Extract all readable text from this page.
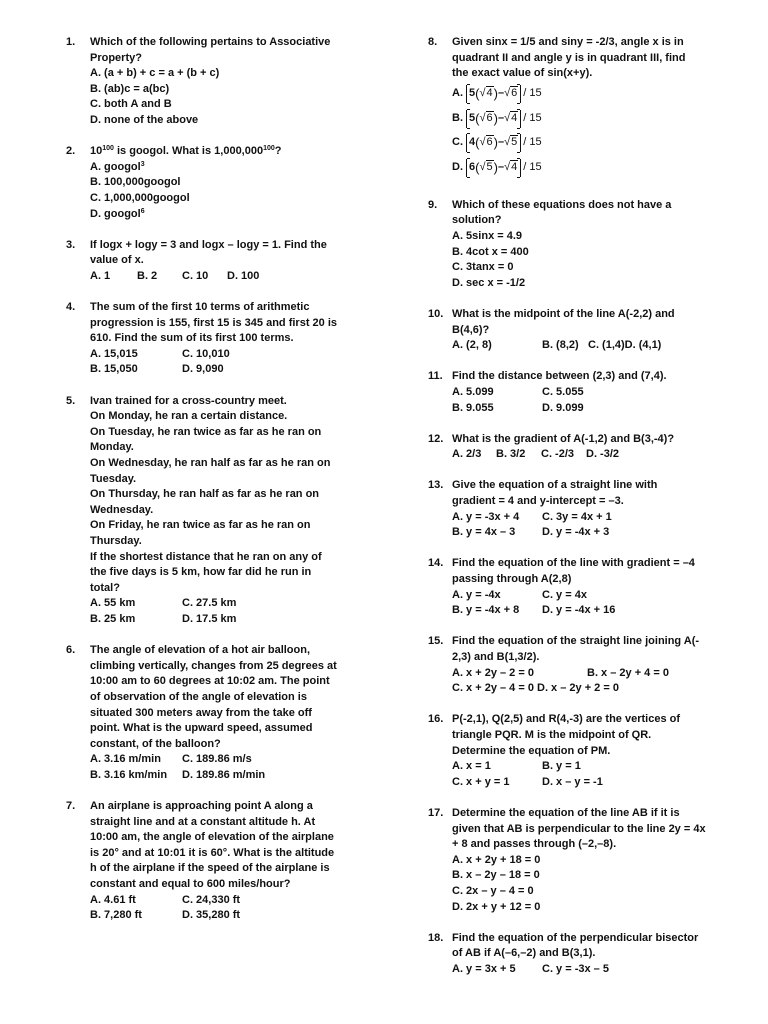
1. Which of the following pertains to Associative
Property?
A. (a + b) + c = a + (b + c)
B. (ab)c = a(bc)
C. both A and B
D. none of the above
2. $10^{100}$ is googol. What is 1,000,000$^{100}$?
A. googol$^3$
B. 100,000googol
C. 1,000,000googol
D. googol$^6$
3. If logx + logy = 3 and logx – logy = 1. Find the
value of x.
A. 1	B. 2	C. 10	D. 100
4. The sum of the first 10 terms of arithmetic
progression is 155, first 15 is 345 and first 20 is
610. Find the sum of its first 100 terms.
A. 15,015	C. 10,010
B. 15,050	D. 9,090
5. Ivan trained for a cross-country meet.
On Monday, he ran a certain distance.
On Tuesday, he ran twice as far as he ran on
Monday.
On Wednesday, he ran half as far as he ran on
Tuesday.
On Thursday, he ran half as far as he ran on
Wednesday.
On Friday, he ran twice as far as he ran on
Thursday.
If the shortest distance that he ran on any of
the five days is 5 km, how far did he run in
total?
A. 55 km	C. 27.5 km
B. 25 km	D. 17.5 km
6. The angle of elevation of a hot air balloon,
climbing vertically, changes from 25 degrees at
10:00 am to 60 degrees at 10:02 am. The point
of observation of the angle of elevation is
situated 300 meters away from the take off
point. What is the upward speed, assumed
constant, of the balloon?
A. 3.16 m/min	C. 189.86 m/s
B. 3.16 km/min	D. 189.86 m/min
7. An airplane is approaching point A along a
straight line and at a constant altitude h. At
10:00 am, the angle of elevation of the airplane
is 20° and at 10:01 it is 60°. What is the altitude
h of the airplane if the speed of the airplane is
constant and equal to 600 miles/hour?
A. 4.61 ft	C. 24,330 ft
B. 7,280 ft	D. 35,280 ft
8. Given sinx = 1/5 and siny = -2/3, angle x is in
quadrant II and angle y is in quadrant III, find
the exact value of sin(x+y).
A. 5 ( √4 ) – √6 / 15
B. 5 ( √6 ) – √4 / 15
C. 4 ( √6 ) – √5 / 15
D. 6 ( √5 ) – √4 / 15
9. Which of these equations does not have a
solution?
A. 5sinx = 4.9
B. 4cot x = 400
C. 3tanx = 0
D. sec x = -1/2
10. What is the midpoint of the line A(-2,2) and
B(4,6)?
A. (2, 8)	B. (8,2) C. (1,4)D. (4,1)
11. Find the distance between (2,3) and (7,4).
A. 5.099	C. 5.055
B. 9.055	D. 9.099
12. What is the gradient of A(-1,2) and B(3,-4)?
A. 2/3	B. 3/2	C. -2/3	D. -3/2
13. Give the equation of a straight line with
gradient = 4 and y-intercept = –3.
A. y = -3x + 4	C. 3y = 4x + 1
B. y = 4x – 3	D. y = -4x + 3
14. Find the equation of the line with gradient = –4
passing through A(2,8)
A. y = -4x	C. y = 4x
B. y = -4x + 8	D. y = -4x + 16
15. Find the equation of the straight line joining A(-
2,3) and B(1,3/2).
A. x + 2y – 2 = 0	B. x – 2y + 4 = 0
C. x + 2y – 4 = 0 D. x – 2y + 2 = 0
16. P(-2,1), Q(2,5) and R(4,-3) are the vertices of
triangle PQR. M is the midpoint of QR.
Determine the equation of PM.
A. x = 1	B. y = 1
C. x + y = 1	D. x – y = -1
17. Determine the equation of the line AB if it is
given that AB is perpendicular to the line 2y = 4x
+ 8 and passes through (–2,–8).
A. x + 2y + 18 = 0
B. x – 2y – 18 = 0
C. 2x – y – 4 = 0
D. 2x + y + 12 = 0
18. Find the equation of the perpendicular bisector
of AB if A(–6,–2) and B(3,1).
A. y = 3x + 5	C. y = -3x – 5
